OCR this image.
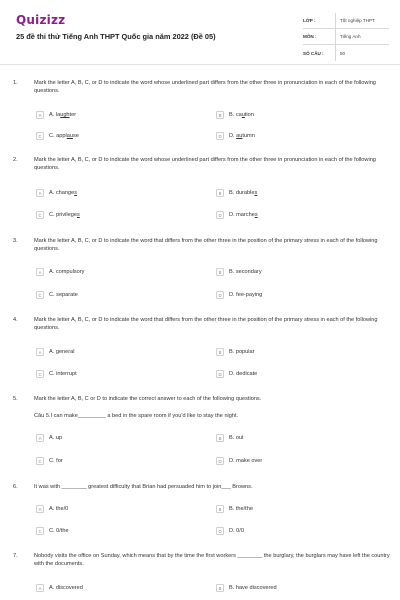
Quizizz
25 đề thi thử Tiếng Anh THPT Quốc gia năm 2022 (Đề 05)
LỚP :	Tốt nghiệp THPT
MÔN :	Tiếng Anh
SỐ CÂU :	50
1.	Mark the letter A, B, C, or D to indicate the word whose underlined part differs from the other three in pronunciation in each of the following questions.
A	A. laughter	B	B. caution
C	C. applause	D	D. autumn
2.	Mark the letter A, B, C, or D to indicate the word whose underlined part differs from the other three in pronunciation in each of the following questions.
A	A. changes	B	B. durables
C	C. privileges	D	D. marches
3.	Mark the letter A, B, C, or D to indicate the word that differs from the other three in the position of the primary stress in each of the following questions.
A	A. compulsory	B	B. secondary
C	C. separate	D	D. fee-paying
4.	Mark the letter A, B, C, or D to indicate the word that differs from the other three in the position of the primary stress in each of the following questions.
A	A. general	B	B. popular
C	C. interrupt	D	D. dedicate
5.	Mark the letter A, B, C or D to indicate the correct answer to each of the following questions.
Câu 5.I can make_________ a bed in the spare room if you'd like to stay the night.
A	A. up	B	B. out
C	C. for	D	D. make over
6.	It was with ________ greatest difficulty that Brian had persuaded him to join___ Browns.
A	A. the/0	B	B. the/the
C	C. 0/the	D	D. 0/0
7.	Nobody visits the office on Sunday, which means that by the time the first workers ________ the burglary, the burglars may have left the country with the documents.
A	A. discovered	B	B. have discovered
